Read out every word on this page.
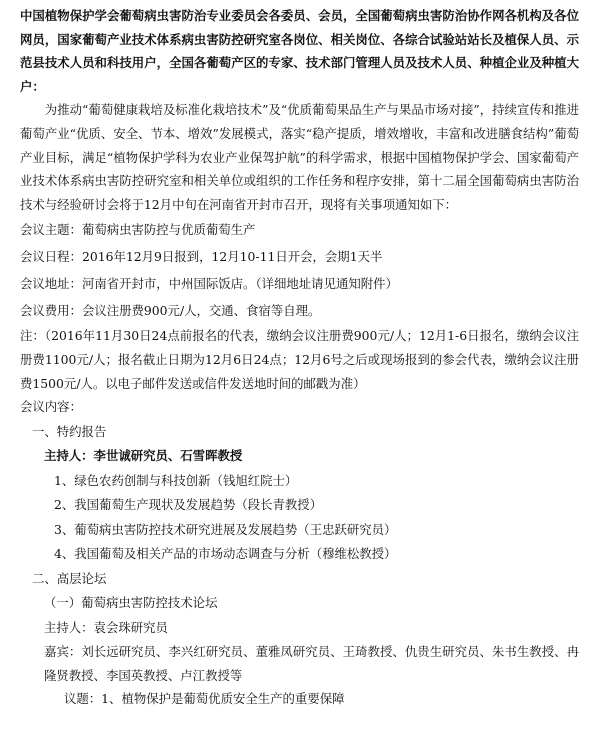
中国植物保护学会葡萄病虫害防治专业委员会各委员、会员，全国葡萄病虫害防治协作网各机构及各位网员，国家葡萄产业技术体系病虫害防控研究室各岗位、相关岗位、各综合试验站站长及植保人员、示范县技术人员和科技用户，全国各葡萄产区的专家、技术部门管理人员及技术人员、种植企业及种植大户：

为推动“葡萄健康栽培及标准化栽培技术”及“优质葡萄果品生产与果品市场对接”，持续宣传和推进葡萄产业“优质、安全、节本、增效”发展模式，落实“稳产提质，增效增收，丰富和改进膳食结构”葡萄产业目标，满足“植物保护学科为农业产业保驾护航”的科学需求，根据中国植物保护学会、国家葡萄产业技术体系病虫害防控研究室和相关单位或组织的工作任务和程序安排，第十二届全国葡萄病虫害防治技术与经验研讨会将于12月中旬在河南省开封市召开，现将有关事项通知如下：

会议主题：葡萄病虫害防控与优质葡萄生产

会议日程：2016年12月9日报到，12月10-11日开会，会期1天半

会议地址：河南省开封市，中州国际饭店。（详细地址请见通知附件）

会议费用：会议注册费900元/人，交通、食宿等自理。

注：（2016年11月30日24点前报名的代表，缴纳会议注册费900元/人；12月1-6日报名，缴纳会议注册费1100元/人；报名截止日期为12月6日24点；12月6号之后或现场报到的参会代表，缴纳会议注册费1500元/人。以电子邮件发送或信件发送地时间的邮戳为准）

会议内容：

一、特约报告

主持人：李世诚研究员、石雪晖教授

1、绿色农药创制与科技创新（钱旭红院士）

2、我国葡萄生产现状及发展趋势（段长青教授）

3、葡萄病虫害防控技术研究进展及发展趋势（王忠跃研究员）

4、我国葡萄及相关产品的市场动态调查与分析（穆维松教授）

二、高层论坛

（一）葡萄病虫害防控技术论坛

主持人：袁会珠研究员

嘉宾：刘长远研究员、李兴红研究员、董雅凤研究员、王琦教授、仇贵生研究员、朱书生教授、冉隆贤教授、李国英教授、卢江教授等

议题：1、植物保护是葡萄优质安全生产的重要保障
